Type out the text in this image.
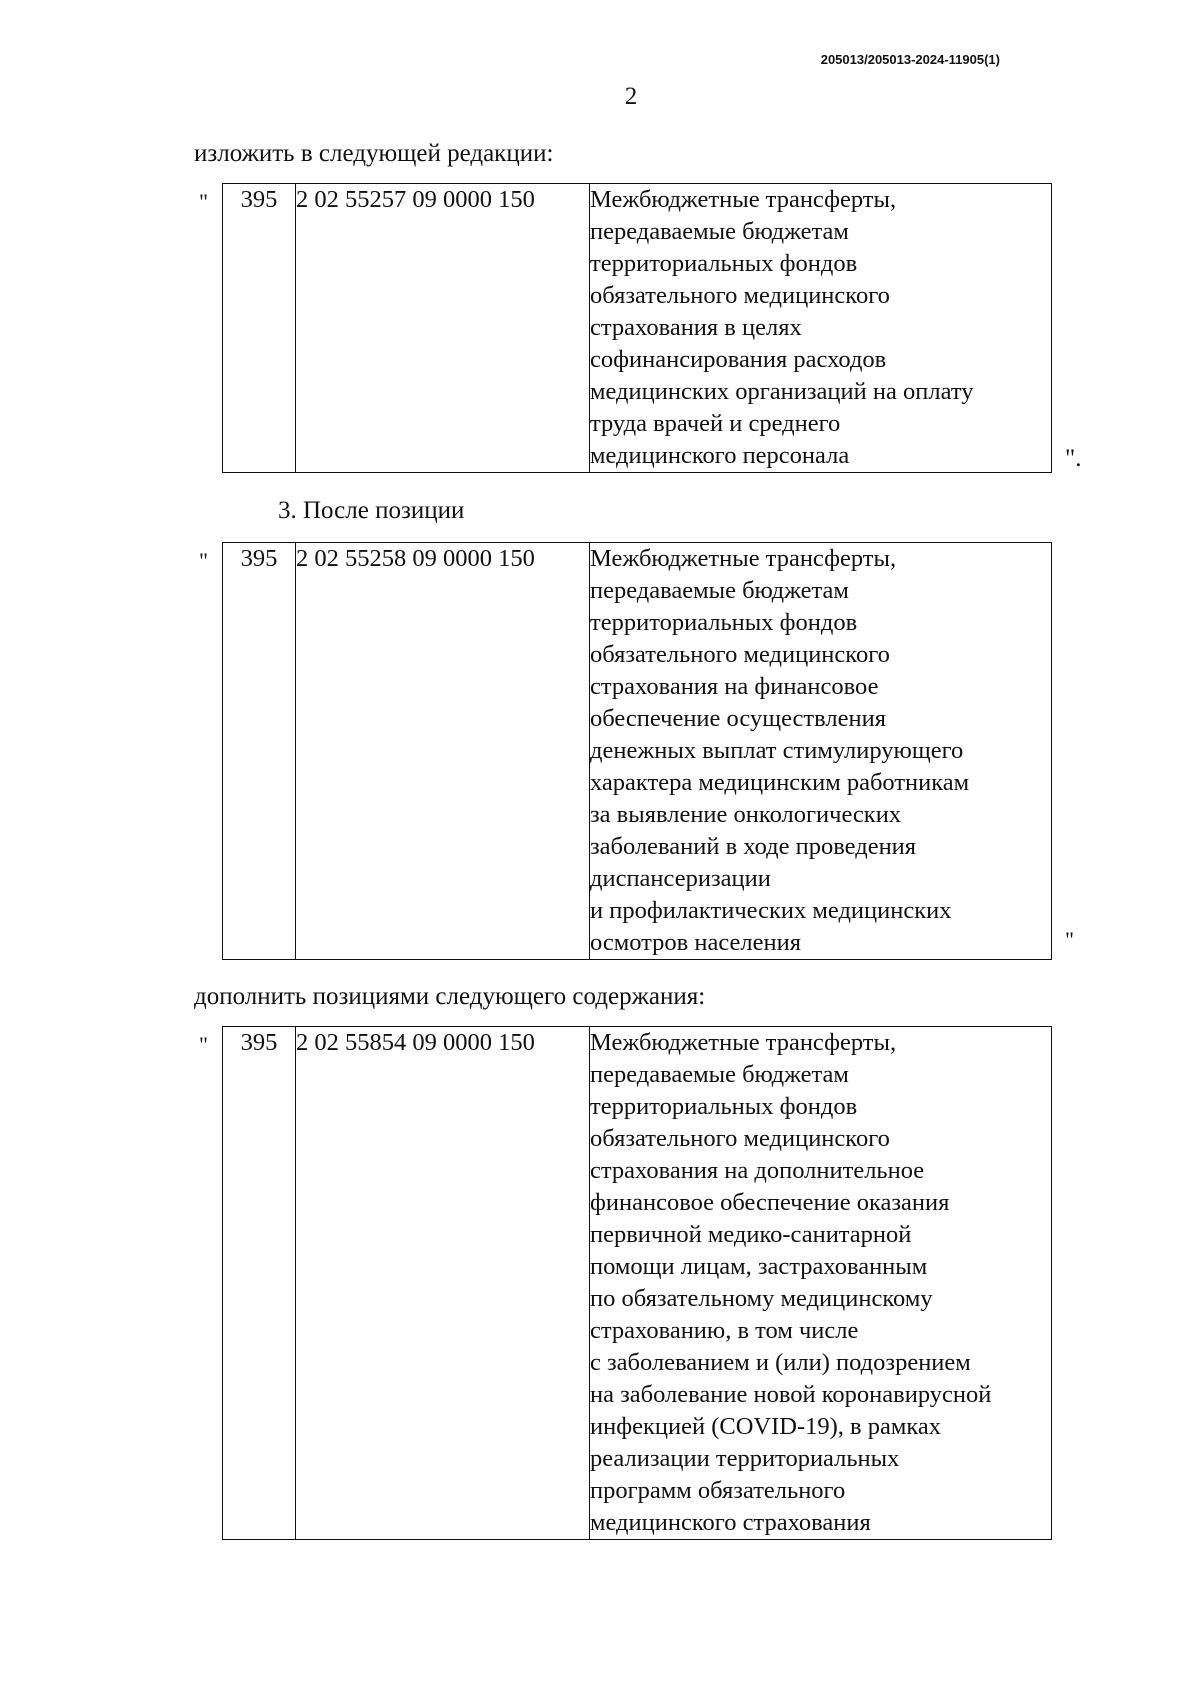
205013/205013-2024-11905(1)
2
изложить в следующей редакции:
" 395	2 02 55257 09 0000 150	Межбюджетные трансферты,
передаваемые бюджетам
территориальных фондов
обязательного медицинского
страхования в целях
софинансирования расходов
медицинских организаций на оплату
труда врачей и среднего
медицинского персонала	".
3. После позиции
" 395	2 02 55258 09 0000 150	Межбюджетные трансферты,
передаваемые бюджетам
территориальных фондов
обязательного медицинского
страхования на финансовое
обеспечение осуществления
денежных выплат стимулирующего
характера медицинским работникам
за выявление онкологических
заболеваний в ходе проведения
диспансеризации
и профилактических медицинских
осмотров населения	"
дополнить позициями следующего содержания:
" 395	2 02 55854 09 0000 150	Межбюджетные трансферты,
передаваемые бюджетам
территориальных фондов
обязательного медицинского
страхования на дополнительное
финансовое обеспечение оказания
первичной медико-санитарной
помощи лицам, застрахованным
по обязательному медицинскому
страхованию, в том числе
с заболеванием и (или) подозрением
на заболевание новой коронавирусной
инфекцией (COVID-19), в рамках
реализации территориальных
программ обязательного
медицинского страхования
